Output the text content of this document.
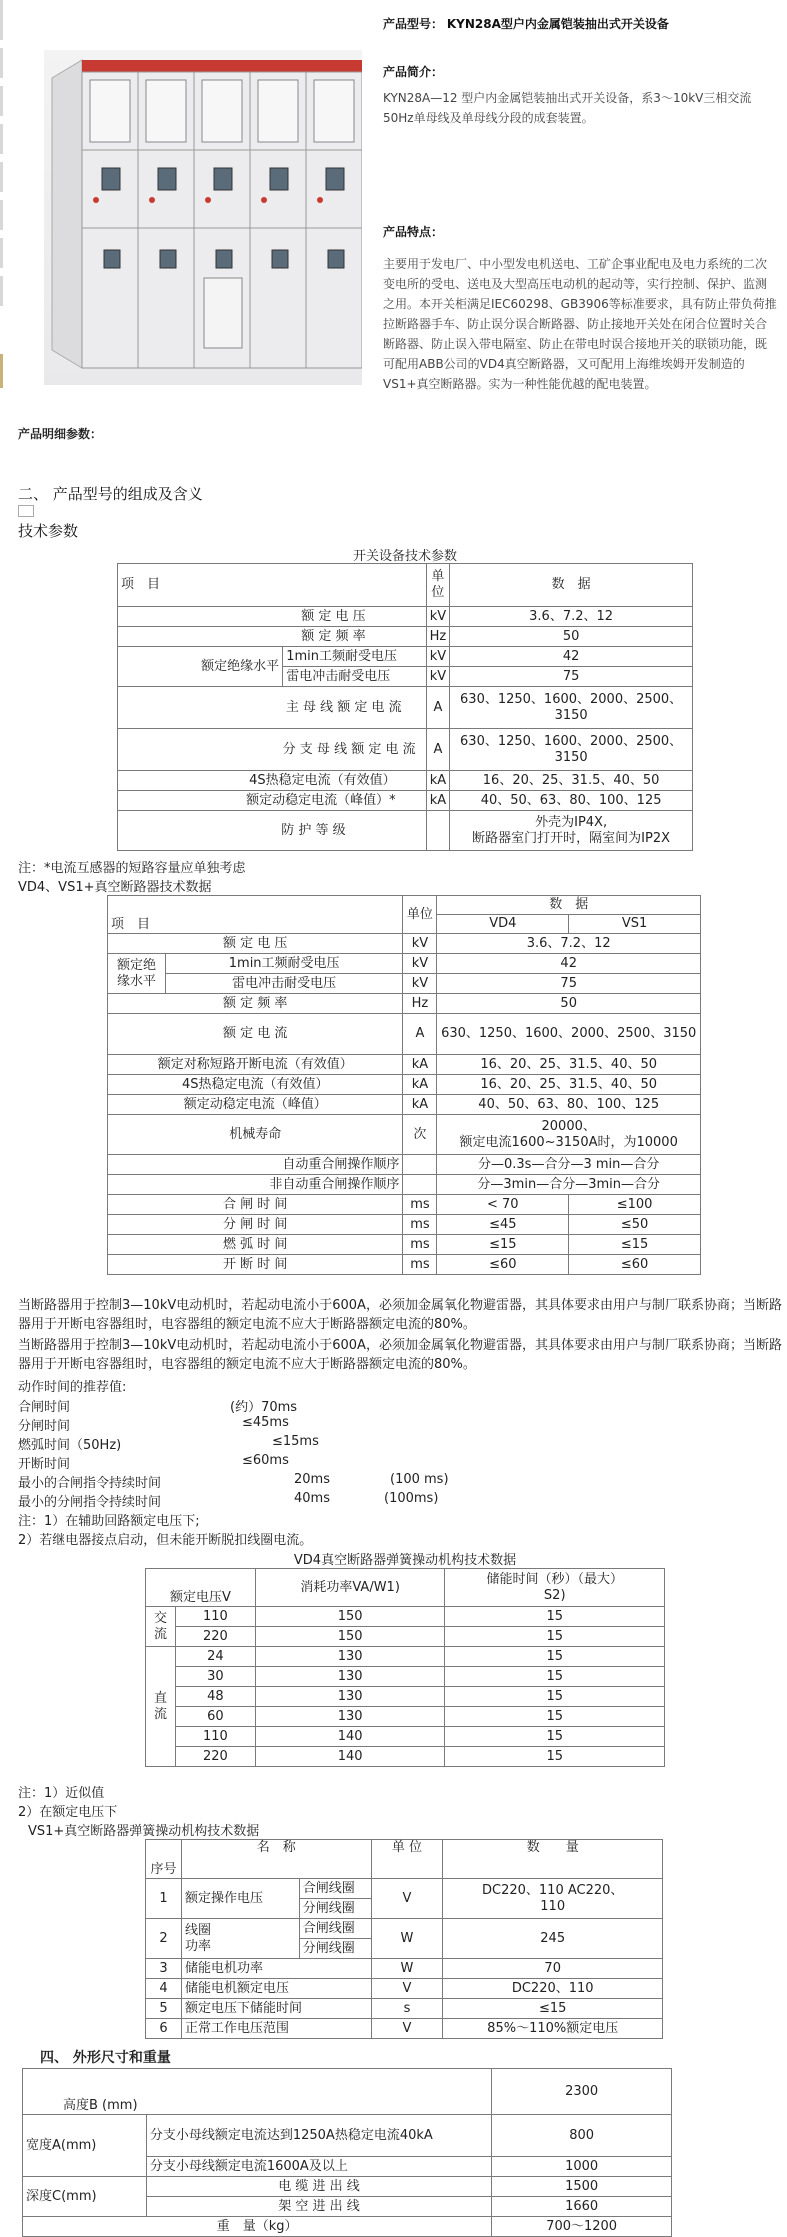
产品型号： KYN28A型户内金属铠装抽出式开关设备
产品简介：
KYN28A—12 型户内金属铠装抽出式开关设备，系3～10kV三相交流50Hz单母线及单母线分段的成套装置。
产品特点：
主要用于发电厂、中小型发电机送电、工矿企事业配电及电力系统的二次变电所的受电、送电及大型高压电动机的起动等，实行控制、保护、监测之用。本开关柜满足IEC60298、GB3906等标准要求，具有防止带负荷推拉断路器手车、防止误分误合断路器、防止接地开关处在闭合位置时关合断路器、防止误入带电隔室、防止在带电时误合接地开关的联锁功能，既可配用ABB公司的VD4真空断路器，又可配用上海维埃姆开发制造的VS1+真空断路器。实为一种性能优越的配电装置。
产品明细参数：
二、 产品型号的组成及含义
技术参数
开关设备技术参数
项　目		单位	数　据
额 定 电 压		kV	3.6、7.2、12
额 定 频 率		Hz	50
额定绝缘水平	1min工频耐受电压	kV	42
	雷电冲击耐受电压	kV	75
主 母 线 额 定 电 流		A	630、1250、1600、2000、2500、3150
分 支 母 线 额 定 电 流		A	630、1250、1600、2000、2500、3150
4S热稳定电流（有效值）		kA	16、20、25、31.5、40、50
额定动稳定电流（峰值）*		kA	40、50、63、80、100、125
防 护 等 级			外壳为IP4X,
断路器室门打开时，隔室间为IP2X
注：*电流互感器的短路容量应单独考虑
VD4、VS1+真空断路器技术数据
项　目		单位	数　据	
			VD4	VS1
额 定 电 压		kV	3.6、7.2、12	
额定绝缘水平	1min工频耐受电压	kV	42	
	雷电冲击耐受电压	kV	75	
额 定 频 率		Hz	50	
额 定 电 流		A	630、1250、1600、2000、2500、3150	
额定对称短路开断电流（有效值）		kA	16、20、25、31.5、40、50	
4S热稳定电流（有效值）		kA	16、20、25、31.5、40、50	
额定动稳定电流（峰值）		kA	40、50、63、80、100、125	
机械寿命		次	20000、
额定电流1600~3150A时，为10000	

自动重合闸操作顺序			分—0.3s—合分—3 min—合分	
非自动重合闸操作顺序			分—3min—合分—3min—合分	
合 闸 时 间		ms	< 70	≤100
分 闸 时 间		ms	≤45	≤50
燃 弧 时 间		ms	≤15	≤15
开 断 时 间		ms	≤60	≤60
当断路器用于控制3—10kV电动机时，若起动电流小于600A，必须加金属氧化物避雷器，其具体要求由用户与制厂联系协商；当断路器用于开断电容器组时，电容器组的额定电流不应大于断路器额定电流的80%。
当断路器用于控制3—10kV电动机时，若起动电流小于600A，必须加金属氧化物避雷器，其具体要求由用户与制厂联系协商；当断路器用于开断电容器组时，电容器组的额定电流不应大于断路器额定电流的80%。
动作时间的推荐值:
合闸时间	(约）70ms
分闸时间	≤45ms
燃弧时间（50Hz)	≤15ms
开断时间	≤60ms
最小的合闸指令持续时间	20ms	(100 ms)
最小的分闸指令持续时间	40ms	(100ms)
注：1）在辅助回路额定电压下;
2）若继电器接点启动，但未能开断脱扣线圈电流。
VD4真空断路器弹簧操动机构技术数据
额定电压V		消耗功率VA/W1)	储能时间（秒）（最大）
S2)

交
流	110	150	15
	220	150	15

直
流	24	130	15
	30	130	15
	48	130	15
	60	130	15
	110	140	15
	220	140	15
注：1）近似值
2）在额定电压下
VS1+真空断路器弹簧操动机构技术数据
序号	名　称		单 位	数　　量
1	额定操作电压	合闸线圈	V	DC220、110 AC220、
110

		分闸线圈		
2	线圈
功率	合闸线圈	W	245
		分闸线圈		
3	储能电机功率		W	70
4	储能电机额定电压		V	DC220、110
5	额定电压下储能时间		s	≤15
6	正常工作电压范围		V	85%～110%额定电压
四、 外形尺寸和重量
高度B (mm)		2300
宽度A(mm)	分支小母线额定电流达到1250A热稳定电流40kA	800
	分支小母线额定电流1600A及以上	1000
深度C(mm)	电 缆 进 出 线	1500
	架 空 进 出 线	1660
重　量（kg）		700～1200
